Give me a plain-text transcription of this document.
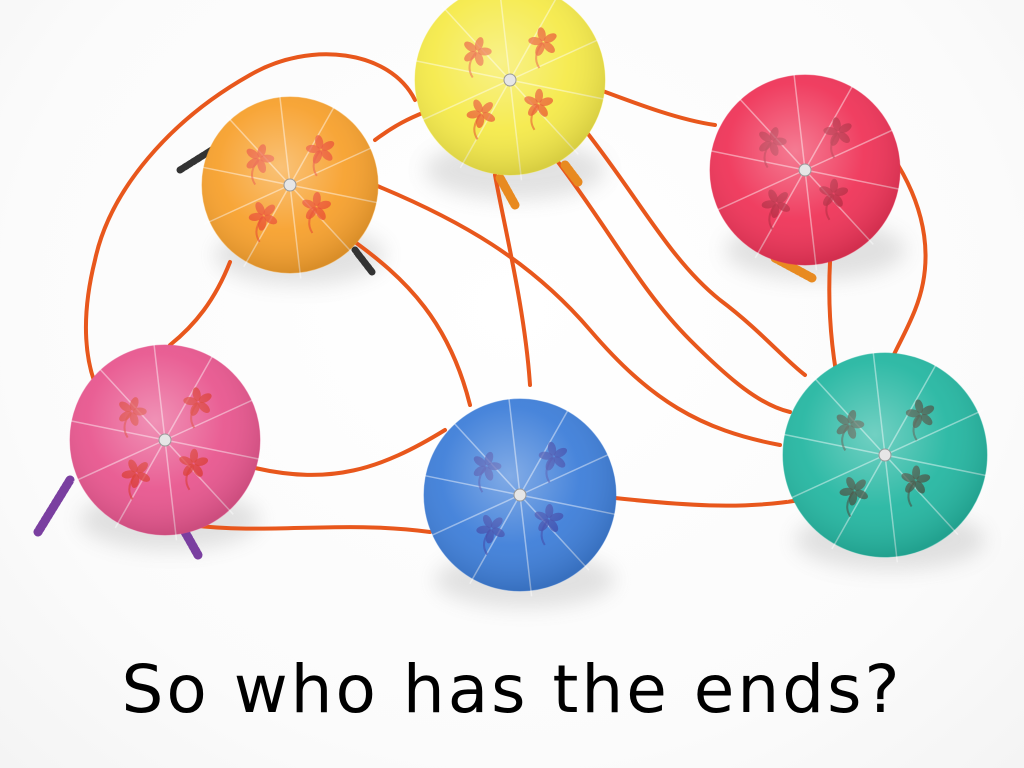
So who has the ends?
